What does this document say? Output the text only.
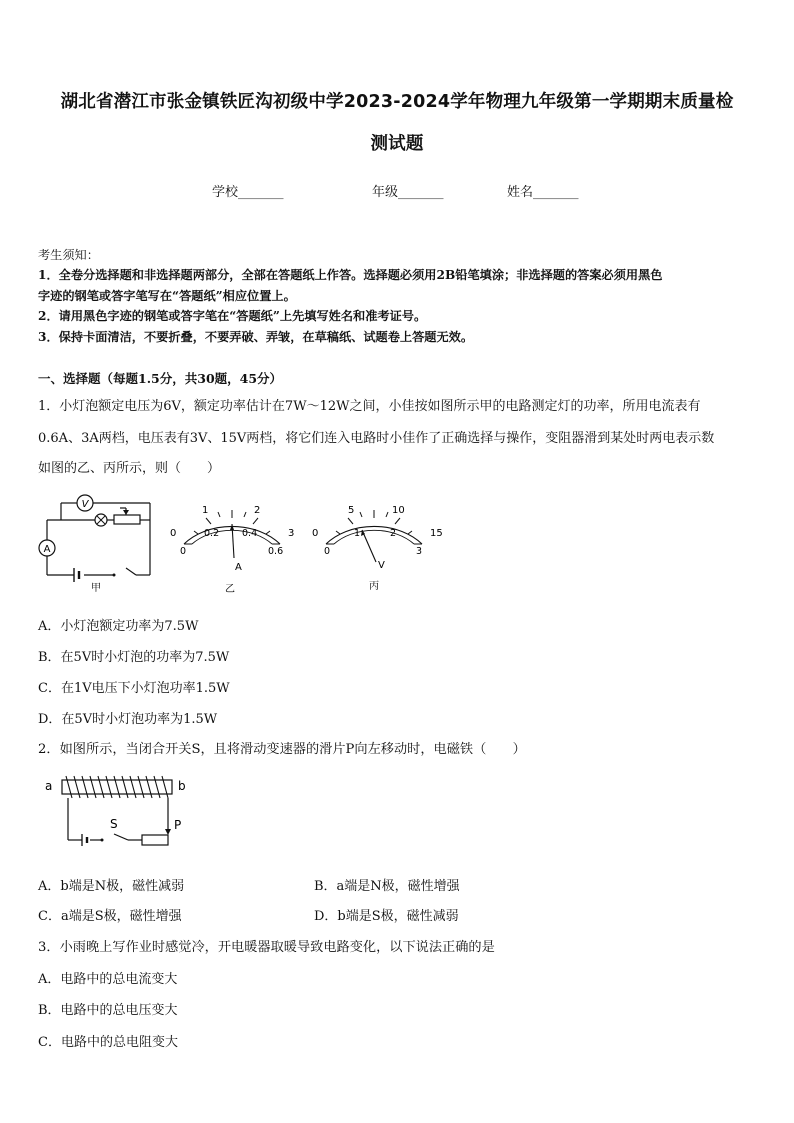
湖北省潜江市张金镇铁匠沟初级中学2023-2024学年物理九年级第一学期期末质量检
测试题
学校_______	年级_______	姓名_______
考生须知：
1．全卷分选择题和非选择题两部分，全部在答题纸上作答。选择题必须用2B铅笔填涂；非选择题的答案必须用黑色
字迹的钢笔或答字笔写在“答题纸”相应位置上。
2．请用黑色字迹的钢笔或答字笔在“答题纸”上先填写姓名和准考证号。
3．保持卡面清洁，不要折叠，不要弄破、弄皱，在草稿纸、试题卷上答题无效。
一、选择题（每题1.5分，共30题，45分）
1．小灯泡额定电压为6V，额定功率估计在7W～12W之间，小佳按如图所示甲的电路测定灯的功率，所用电流表有
0.6A、3A两档，电压表有3V、15V两档，将它们连入电路时小佳作了正确选择与操作，变阻器滑到某处时两电表示数
如图的乙、丙所示，则（　　）
V
A
甲
0
1	2
3
0
0.2 0.4
0.6
A
乙
0
5	10
15
0
1	2
3
V
丙
A．小灯泡额定功率为7.5W
B．在5V时小灯泡的功率为7.5W
C．在1V电压下小灯泡功率1.5W
D．在5V时小灯泡功率为1.5W
2．如图所示，当闭合开关S，且将滑动变速器的滑片P向左移动时，电磁铁（　　）
a	b
S	P
A．b端是N极，磁性减弱	B．a端是N极，磁性增强
C．a端是S极，磁性增强	D．b端是S极，磁性减弱
3．小雨晚上写作业时感觉冷，开电暖器取暖导致电路变化，以下说法正确的是
A．电路中的总电流变大
B．电路中的总电压变大
C．电路中的总电阻变大
